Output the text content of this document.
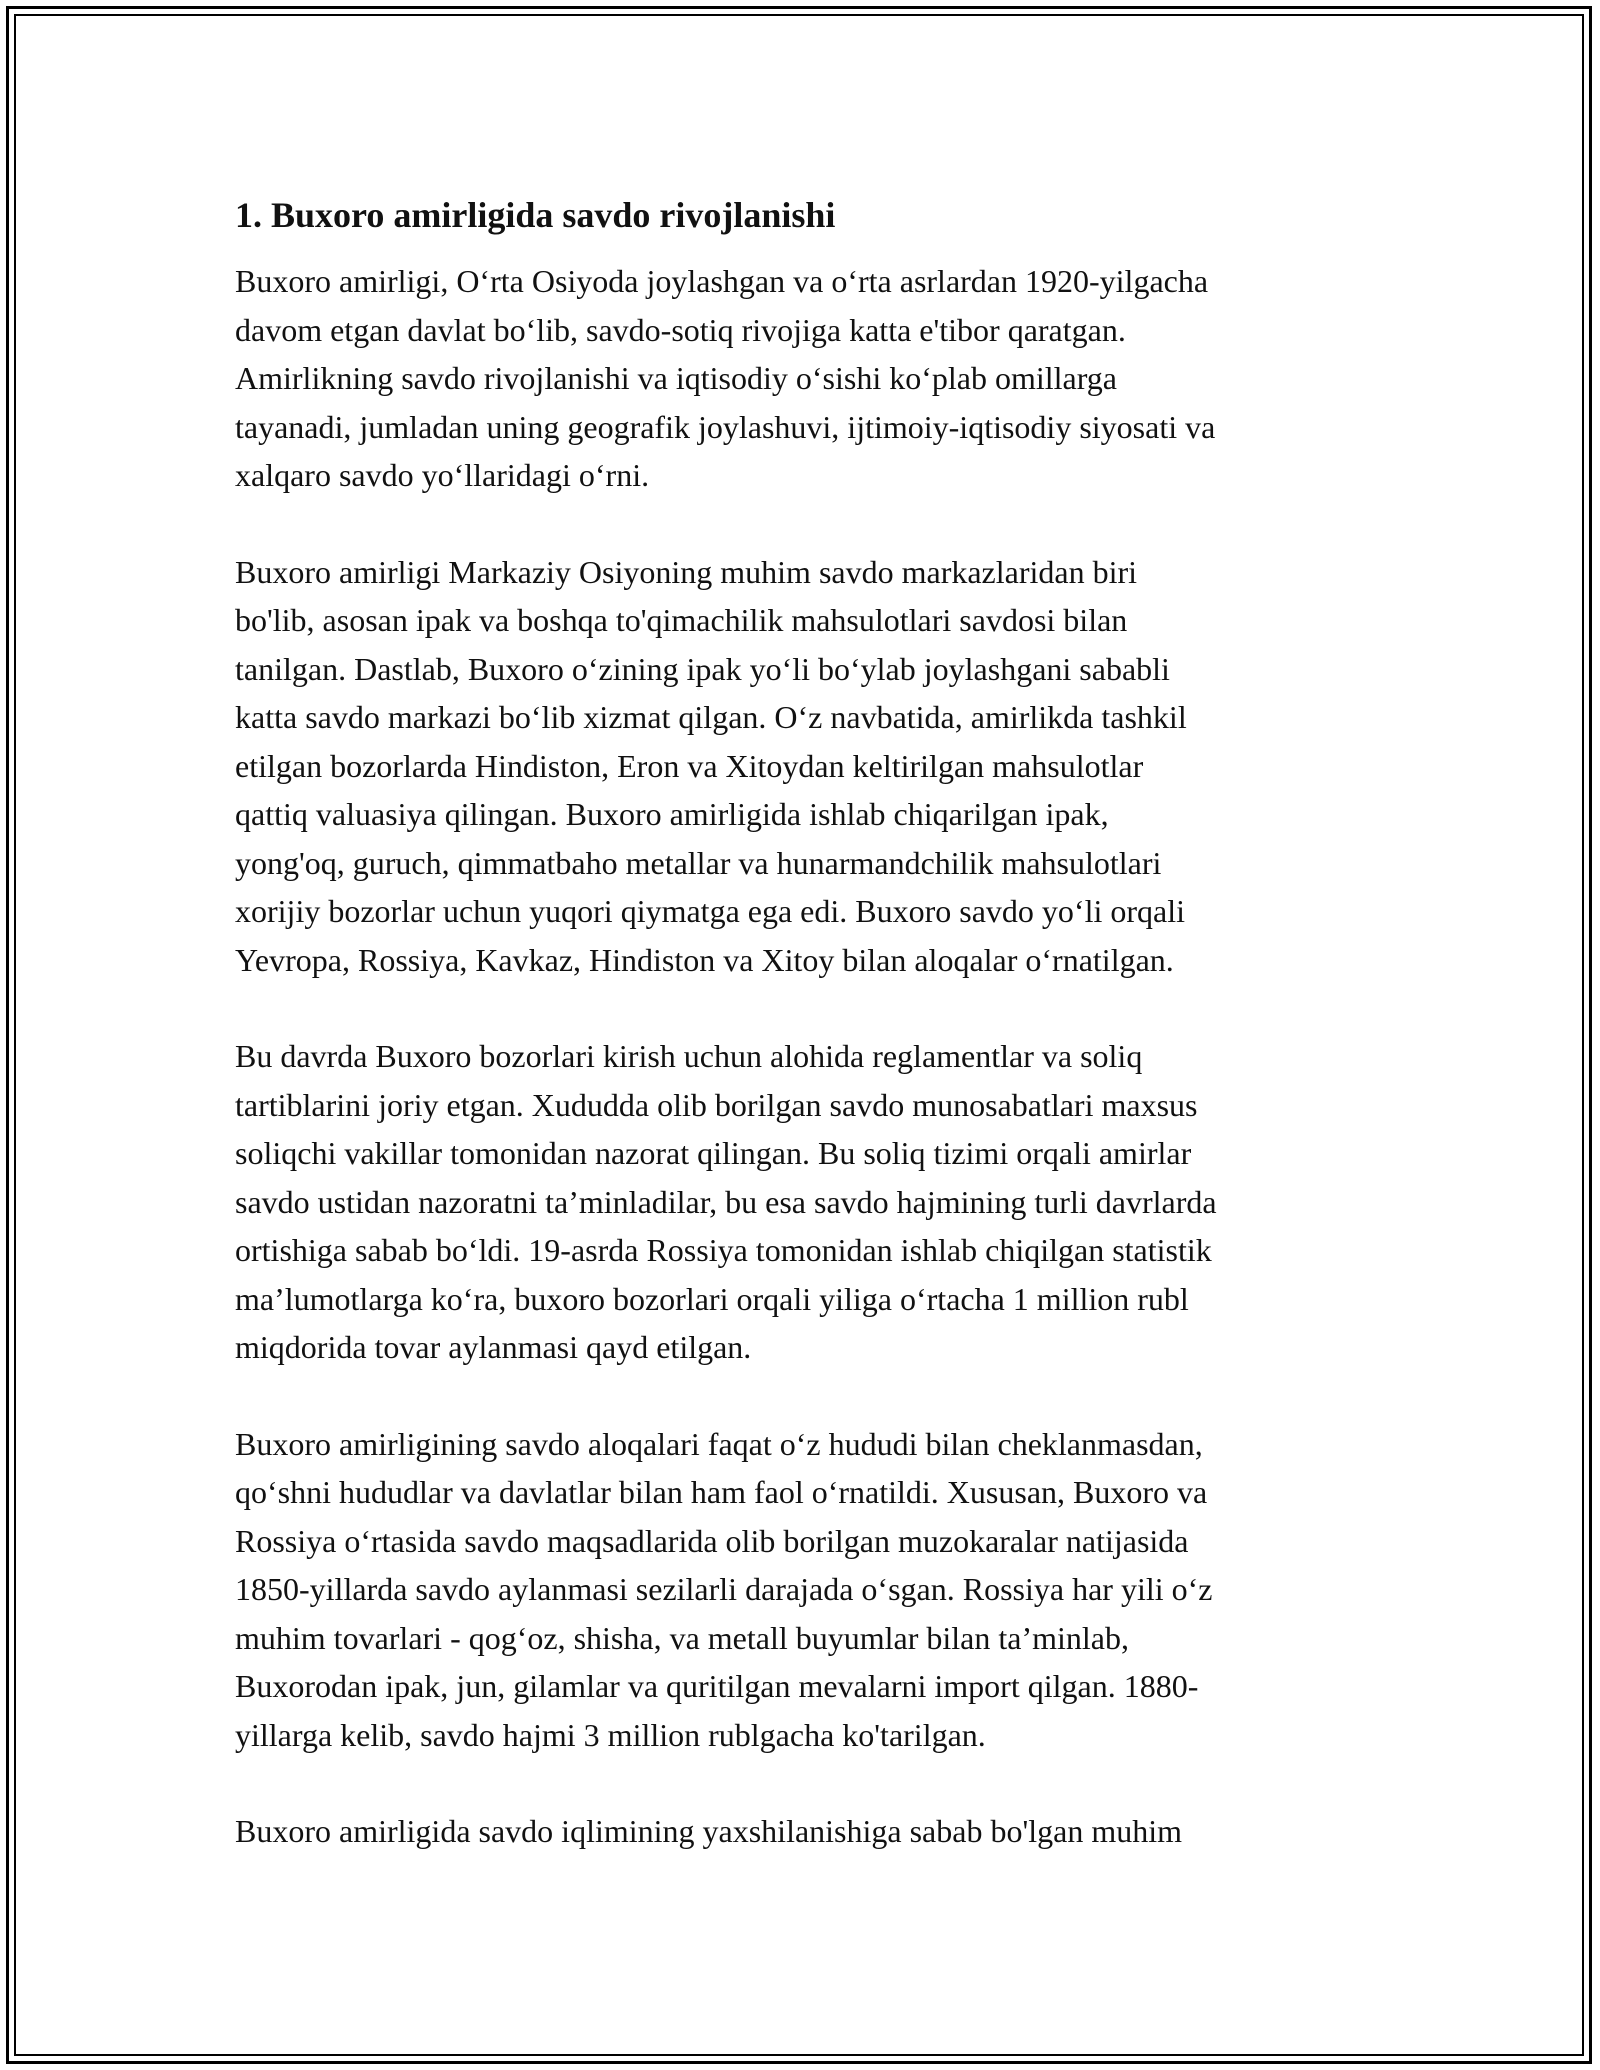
1. Buxoro amirligida savdo rivojlanishi

Buxoro amirligi, O‘rta Osiyoda joylashgan va o‘rta asrlardan 1920-yilgacha
davom etgan davlat bo‘lib, savdo-sotiq rivojiga katta e'tibor qaratgan.
Amirlikning savdo rivojlanishi va iqtisodiy o‘sishi ko‘plab omillarga
tayanadi, jumladan uning geografik joylashuvi, ijtimoiy-iqtisodiy siyosati va
xalqaro savdo yo‘llaridagi o‘rni.

Buxoro amirligi Markaziy Osiyoning muhim savdo markazlaridan biri
bo'lib, asosan ipak va boshqa to'qimachilik mahsulotlari savdosi bilan
tanilgan. Dastlab, Buxoro o‘zining ipak yo‘li bo‘ylab joylashgani sababli
katta savdo markazi bo‘lib xizmat qilgan. O‘z navbatida, amirlikda tashkil
etilgan bozorlarda Hindiston, Eron va Xitoydan keltirilgan mahsulotlar
qattiq valuasiya qilingan. Buxoro amirligida ishlab chiqarilgan ipak,
yong'oq, guruch, qimmatbaho metallar va hunarmandchilik mahsulotlari
xorijiy bozorlar uchun yuqori qiymatga ega edi. Buxoro savdo yo‘li orqali
Yevropa, Rossiya, Kavkaz, Hindiston va Xitoy bilan aloqalar o‘rnatilgan.

Bu davrda Buxoro bozorlari kirish uchun alohida reglamentlar va soliq
tartiblarini joriy etgan. Xududda olib borilgan savdo munosabatlari maxsus
soliqchi vakillar tomonidan nazorat qilingan. Bu soliq tizimi orqali amirlar
savdo ustidan nazoratni ta’minladilar, bu esa savdo hajmining turli davrlarda
ortishiga sabab bo‘ldi. 19-asrda Rossiya tomonidan ishlab chiqilgan statistik
ma’lumotlarga ko‘ra, buxoro bozorlari orqali yiliga o‘rtacha 1 million rubl
miqdorida tovar aylanmasi qayd etilgan.

Buxoro amirligining savdo aloqalari faqat o‘z hududi bilan cheklanmasdan,
qo‘shni hududlar va davlatlar bilan ham faol o‘rnatildi. Xususan, Buxoro va
Rossiya o‘rtasida savdo maqsadlarida olib borilgan muzokaralar natijasida
1850-yillarda savdo aylanmasi sezilarli darajada o‘sgan. Rossiya har yili o‘z
muhim tovarlari - qog‘oz, shisha, va metall buyumlar bilan ta’minlab,
Buxorodan ipak, jun, gilamlar va quritilgan mevalarni import qilgan. 1880-
yillarga kelib, savdo hajmi 3 million rublgacha ko'tarilgan.

Buxoro amirligida savdo iqlimining yaxshilanishiga sabab bo'lgan muhim
